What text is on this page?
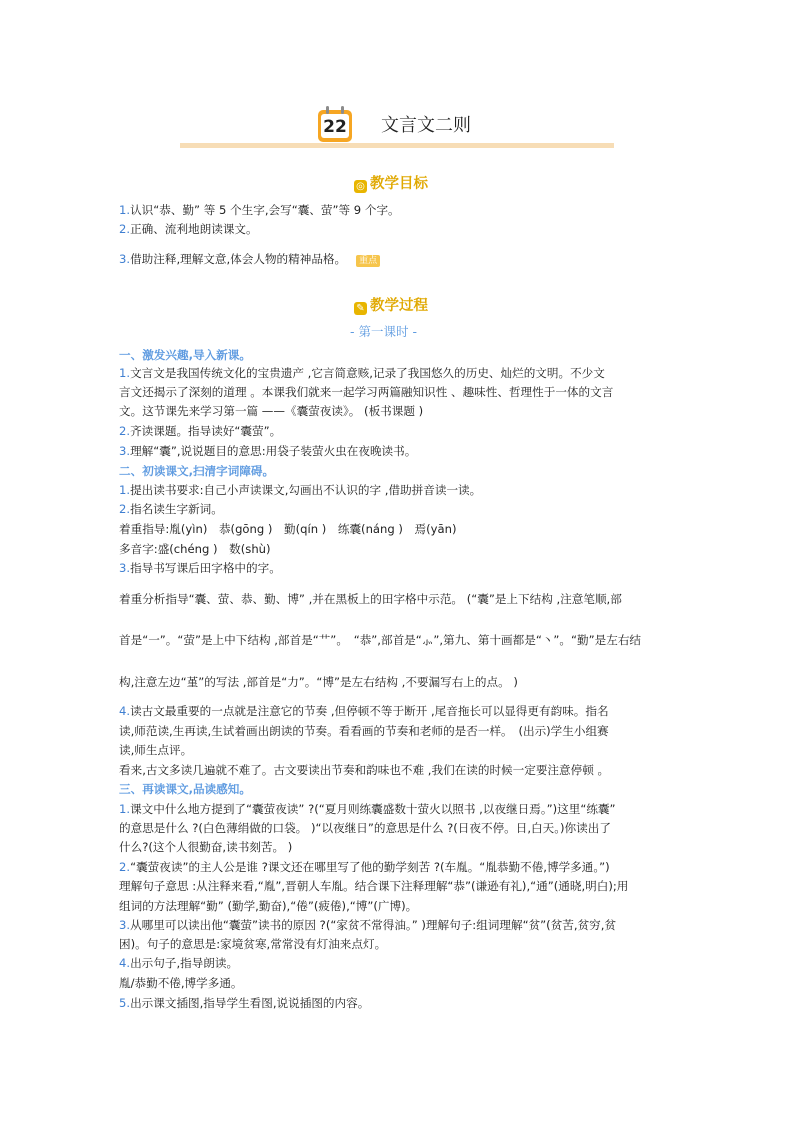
22 文言文二则
◎ 教学目标
1.认识“恭、勤” 等 5 个生字,会写“囊、萤”等 9 个字。
2.正确、流利地朗读课文。
3.借助注释,理解文意,体会人物的精神品格。 重点
✎ 教学过程
- 第一课时 -
一、激发兴趣,导入新课。
1.文言文是我国传统文化的宝贵遗产 ,它言简意赅,记录了我国悠久的历史、灿烂的文明。不少文
言文还揭示了深刻的道理 。本课我们就来一起学习两篇融知识性 、趣味性、哲理性于一体的文言
文。这节课先来学习第一篇 ——《囊萤夜读》。 (板书课题 )
2.齐读课题。指导读好“囊萤”。
3.理解“囊”,说说题目的意思:用袋子装萤火虫在夜晚读书。
二、初读课文,扫清字词障碍。
1.提出读书要求:自己小声读课文,勾画出不认识的字 ,借助拼音读一读。
2.指名读生字新词。
着重指导:胤(yìn)　恭(gōng )　勤(qín )　练囊(náng )　焉(yān)
多音字:盛(chéng )　数(shù)
3.指导书写课后田字格中的字。
着重分析指导“囊、萤、恭、勤、博” ,并在黑板上的田字格中示范。 (“囊”是上下结构 ,注意笔顺,部
首是“一”。“萤”是上中下结构 ,部首是“艹”。　“恭”,部首是“⺗”,第九、第十画都是“丶”。“勤”是左右结
构,注意左边“堇”的写法 ,部首是“力”。“博”是左右结构 ,不要漏写右上的点。 )
4.读古文最重要的一点就是注意它的节奏 ,但停顿不等于断开 ,尾音拖长可以显得更有韵味。指名
读,师范读,生再读,生试着画出朗读的节奏。看看画的节奏和老师的是否一样。　(出示)学生小组赛
读,师生点评。
看来,古文多读几遍就不难了。古文要读出节奏和韵味也不难 ,我们在读的时候一定要注意停顿 。
三、再读课文,品读感知。
1.课文中什么地方提到了“囊萤夜读” ?(“夏月则练囊盛数十萤火以照书 ,以夜继日焉。”)这里“练囊”
的意思是什么 ?(白色薄绢做的口袋。 )“以夜继日”的意思是什么 ?(日夜不停。日,白天。)你读出了
什么?(这个人很勤奋,读书刻苦。 )
2.“囊萤夜读”的主人公是谁 ?课文还在哪里写了他的勤学刻苦 ?(车胤。“胤恭勤不倦,博学多通。”)
理解句子意思 :从注释来看,“胤”,晋朝人车胤。结合课下注释理解“恭”(谦逊有礼),“通”(通晓,明白);用
组词的方法理解“勤” (勤学,勤奋),“倦”(疲倦),“博”(广博)。
3.从哪里可以读出他“囊萤”读书的原因 ?(“家贫不常得油。” )理解句子:组词理解“贫”(贫苦,贫穷,贫
困)。句子的意思是:家境贫寒,常常没有灯油来点灯。
4.出示句子,指导朗读。
胤/恭勤不倦,博学多通。
5.出示课文插图,指导学生看图,说说插图的内容。
